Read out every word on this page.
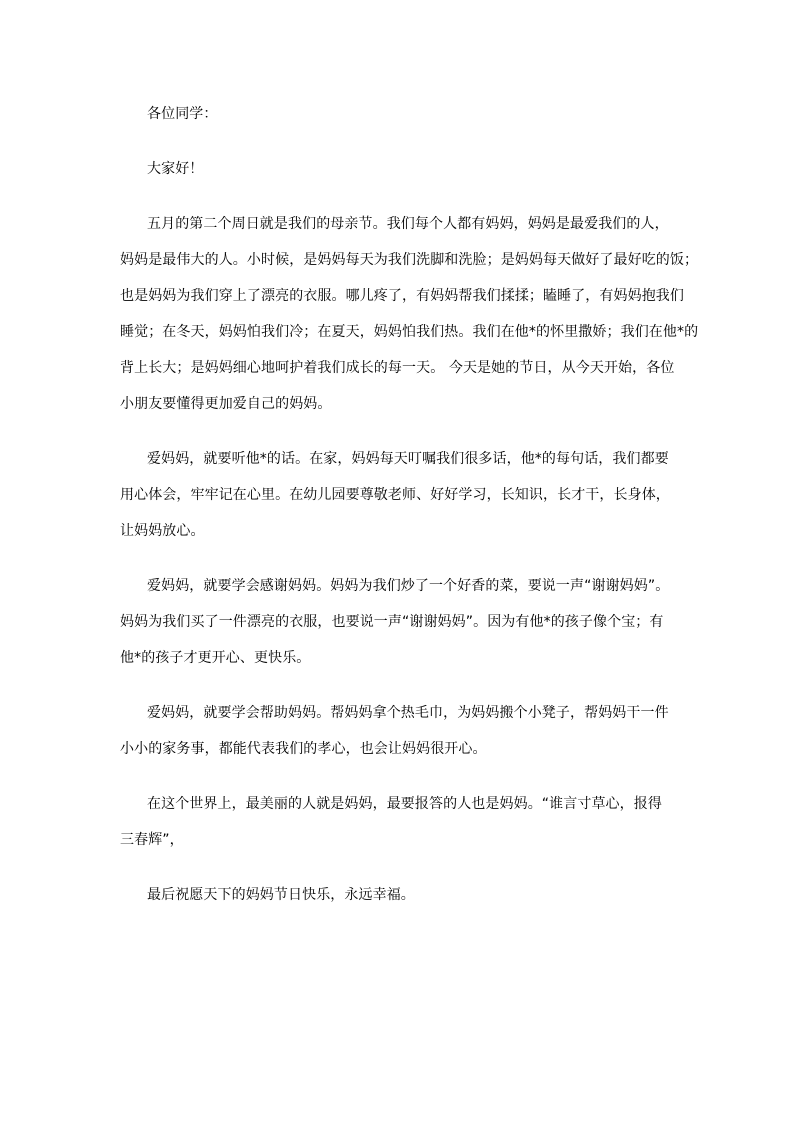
各位同学：
大家好！
五月的第二个周日就是我们的母亲节。我们每个人都有妈妈，妈妈是最爱我们的人，
妈妈是最伟大的人。小时候，是妈妈每天为我们洗脚和洗脸；是妈妈每天做好了最好吃的饭；
也是妈妈为我们穿上了漂亮的衣服。哪儿疼了，有妈妈帮我们揉揉；瞌睡了，有妈妈抱我们
睡觉；在冬天，妈妈怕我们冷；在夏天，妈妈怕我们热。我们在他*的怀里撒娇；我们在他*的
背上长大；是妈妈细心地呵护着我们成长的每一天。 今天是她的节日，从今天开始，各位
小朋友要懂得更加爱自己的妈妈。
爱妈妈，就要听他*的话。在家，妈妈每天叮嘱我们很多话，他*的每句话，我们都要
用心体会，牢牢记在心里。在幼儿园要尊敬老师、好好学习，长知识，长才干，长身体，
让妈妈放心。
爱妈妈，就要学会感谢妈妈。妈妈为我们炒了一个好香的菜，要说一声“谢谢妈妈”。
妈妈为我们买了一件漂亮的衣服，也要说一声“谢谢妈妈”。因为有他*的孩子像个宝；有
他*的孩子才更开心、更快乐。
爱妈妈，就要学会帮助妈妈。帮妈妈拿个热毛巾，为妈妈搬个小凳子，帮妈妈干一件
小小的家务事，都能代表我们的孝心，也会让妈妈很开心。
在这个世界上，最美丽的人就是妈妈，最要报答的人也是妈妈。“谁言寸草心，报得
三春辉”，
最后祝愿天下的妈妈节日快乐，永远幸福。
